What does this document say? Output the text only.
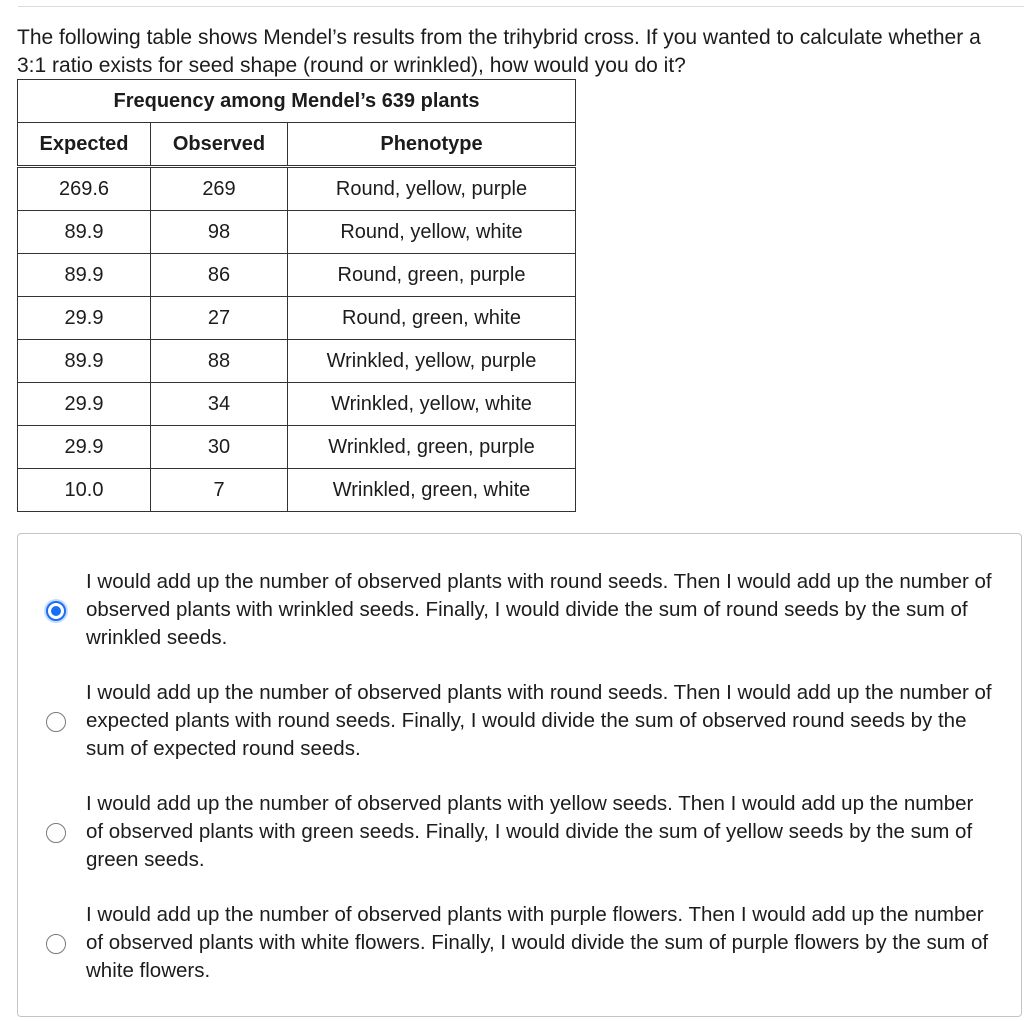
The following table shows Mendel’s results from the trihybrid cross. If you wanted to calculate whether a 3:1 ratio exists for seed shape (round or wrinkled), how would you do it?

Frequency among Mendel’s 639 plants		
Expected	Observed	Phenotype
269.6	269	Round, yellow, purple
89.9	98	Round, yellow, white
89.9	86	Round, green, purple
29.9	27	Round, green, white
89.9	88	Wrinkled, yellow, purple
29.9	34	Wrinkled, yellow, white
29.9	30	Wrinkled, green, purple
10.0	7	Wrinkled, green, white

I would add up the number of observed plants with round seeds. Then I would add up the number of observed plants with wrinkled seeds. Finally, I would divide the sum of round seeds by the sum of wrinkled seeds.

I would add up the number of observed plants with round seeds. Then I would add up the number of expected plants with round seeds. Finally, I would divide the sum of observed round seeds by the sum of expected round seeds.

I would add up the number of observed plants with yellow seeds. Then I would add up the number of observed plants with green seeds. Finally, I would divide the sum of yellow seeds by the sum of green seeds.

I would add up the number of observed plants with purple flowers. Then I would add up the number of observed plants with white flowers. Finally, I would divide the sum of purple flowers by the sum of white flowers.
